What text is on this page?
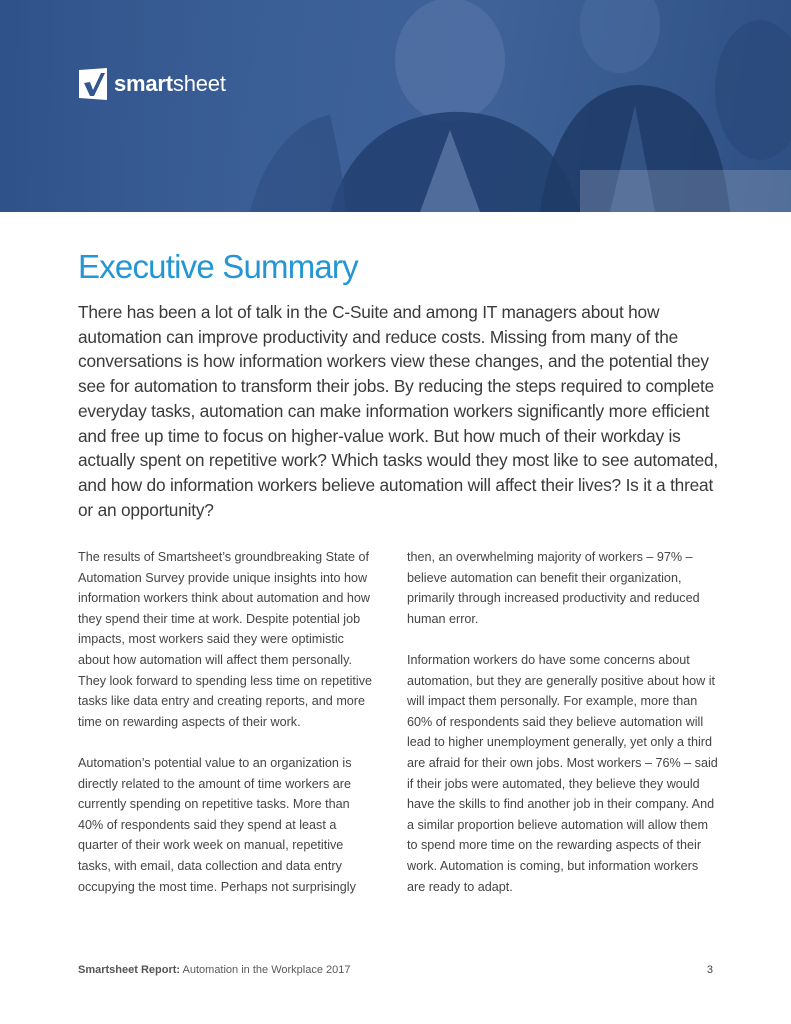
smartsheet
Executive Summary

There has been a lot of talk in the C-Suite and among IT managers about how automation can improve productivity and reduce costs. Missing from many of the conversations is how information workers view these changes, and the potential they see for automation to transform their jobs. By reducing the steps required to complete everyday tasks, automation can make information workers significantly more efficient and free up time to focus on higher-value work. But how much of their workday is actually spent on repetitive work? Which tasks would they most like to see automated, and how do information workers believe automation will affect their lives? Is it a threat or an opportunity?

The results of Smartsheet’s groundbreaking State of Automation Survey provide unique insights into how information workers think about automation and how they spend their time at work. Despite potential job impacts, most workers said they were optimistic about how automation will affect them personally. They look forward to spending less time on repetitive tasks like data entry and creating reports, and more time on rewarding aspects of their work.

Automation’s potential value to an organization is directly related to the amount of time workers are currently spending on repetitive tasks. More than 40% of respondents said they spend at least a quarter of their work week on manual, repetitive tasks, with email, data collection and data entry occupying the most time. Perhaps not surprisingly

then, an overwhelming majority of workers – 97% – believe automation can benefit their organization, primarily through increased productivity and reduced human error.

Information workers do have some concerns about automation, but they are generally positive about how it will impact them personally. For example, more than 60% of respondents said they believe automation will lead to higher unemployment generally, yet only a third are afraid for their own jobs. Most workers – 76% – said if their jobs were automated, they believe they would have the skills to find another job in their company. And a similar proportion believe automation will allow them to spend more time on the rewarding aspects of their work. Automation is coming, but information workers are ready to adapt.

Smartsheet Report: Automation in the Workplace 2017	3
